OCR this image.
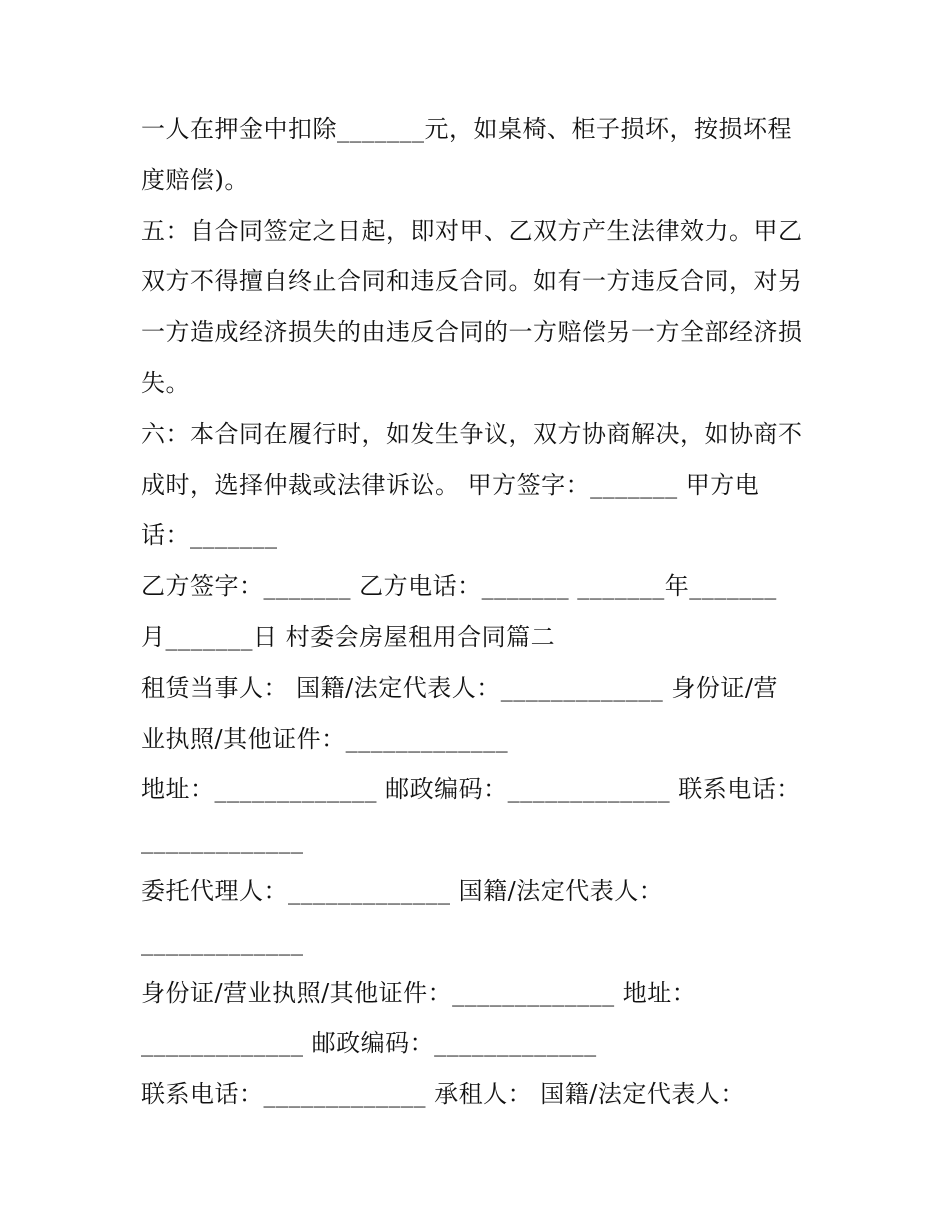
一人在押金中扣除_______元，如桌椅、柜子损坏，按损坏程
度赔偿)。
五：自合同签定之日起，即对甲、乙双方产生法律效力。甲乙
双方不得擅自终止合同和违反合同。如有一方违反合同，对另
一方造成经济损失的由违反合同的一方赔偿另一方全部经济损
失。
六：本合同在履行时，如发生争议，双方协商解决，如协商不
成时，选择仲裁或法律诉讼。 甲方签字：_______ 甲方电
话：_______
乙方签字：_______ 乙方电话：_______ _______年_______
月_______日 村委会房屋租用合同篇二
租赁当事人： 国籍/法定代表人：_____________ 身份证/营
业执照/其他证件：_____________
地址：_____________ 邮政编码：_____________ 联系电话：
_____________
委托代理人：_____________ 国籍/法定代表人：
_____________
身份证/营业执照/其他证件：_____________ 地址：
_____________ 邮政编码：_____________
联系电话：_____________ 承租人： 国籍/法定代表人：
